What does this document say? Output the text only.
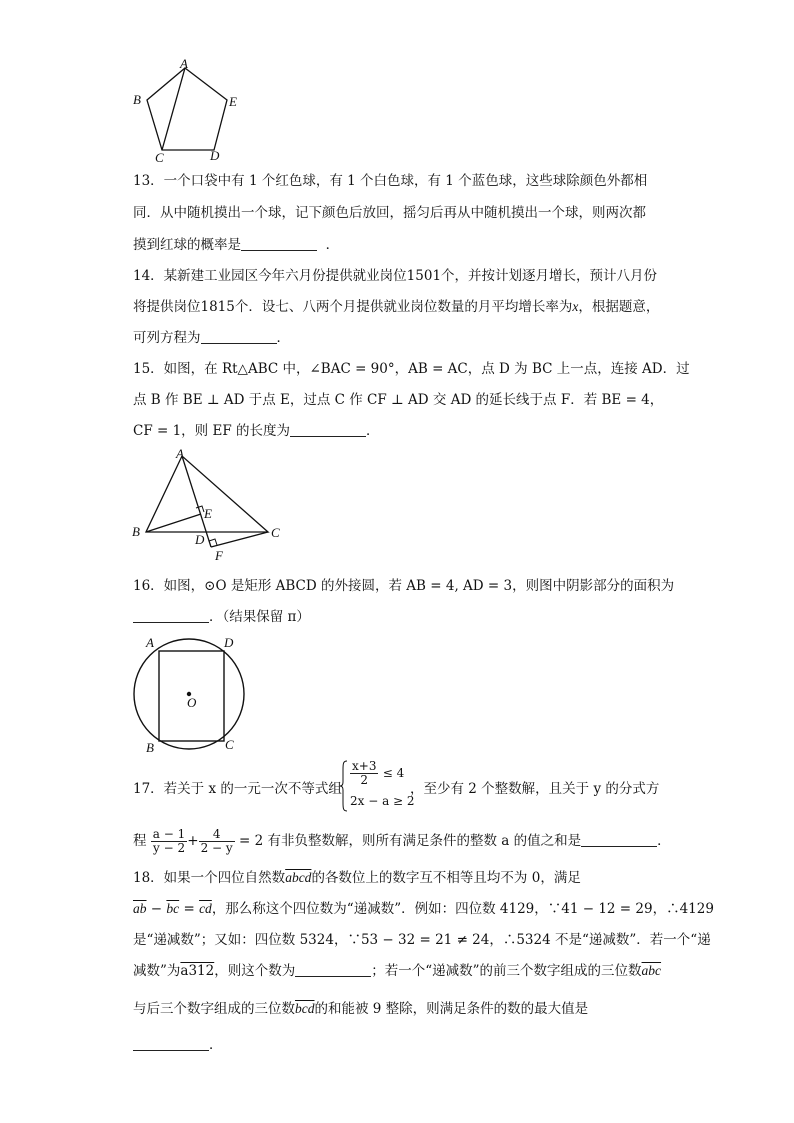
A
B	E
C	D
13．一个口袋中有 1 个红色球，有 1 个白色球，有 1 个蓝色球，这些球除颜色外都相
同．从中随机摸出一个球，记下颜色后放回，摇匀后再从中随机摸出一个球，则两次都
摸到红球的概率是	．
14．某新建工业园区今年六月份提供就业岗位1501个，并按计划逐月增长，预计八月份
将提供岗位1815个．设七、八两个月提供就业岗位数量的月平均增长率为x，根据题意，
可列方程为	．
15．如图，在 Rt△ABC 中，∠BAC = 90°，AB = AC，点 D 为 BC 上一点，连接 AD．过
点 B 作 BE ⊥ AD 于点 E，过点 C 作 CF ⊥ AD 交 AD 的延长线于点 F．若 BE = 4，
CF = 1，则 EF 的长度为	．
A
B	C
E
D
F
16．如图，⊙O 是矩形 ABCD 的外接圆，若 AB = 4, AD = 3，则图中阴影部分的面积为
．（结果保留 π）
A	D
B	C
O
17．若关于 x 的一元一次不等式组
$\frac{x+3}{2} \le 4$
2x − a ≥ 2
，至少有 2 个整数解，且关于 y 的分式方
程 $\frac{a - 1}{y - 2} + \frac{4}{2 - y} = 2$ 有非负整数解，则所有满足条件的整数 a 的值之和是	．
18．如果一个四位自然数abcd的各数位上的数字互不相等且均不为 0，满足
$\overline{ab} - \overline{bc} = \overline{cd}$，那么称这个四位数为“递减数”．例如：四位数 4129，∵41 − 12 = 29，∴4129
是“递减数”；又如：四位数 5324，∵53 − 32 = 21 ≠ 24，∴5324 不是“递减数”．若一个“递
减数”为a312，则这个数为	；若一个“递减数”的前三个数字组成的三位数$\overline{abc}$
与后三个数字组成的三位数$\overline{bcd}$的和能被 9 整除，则满足条件的数的最大值是
．
